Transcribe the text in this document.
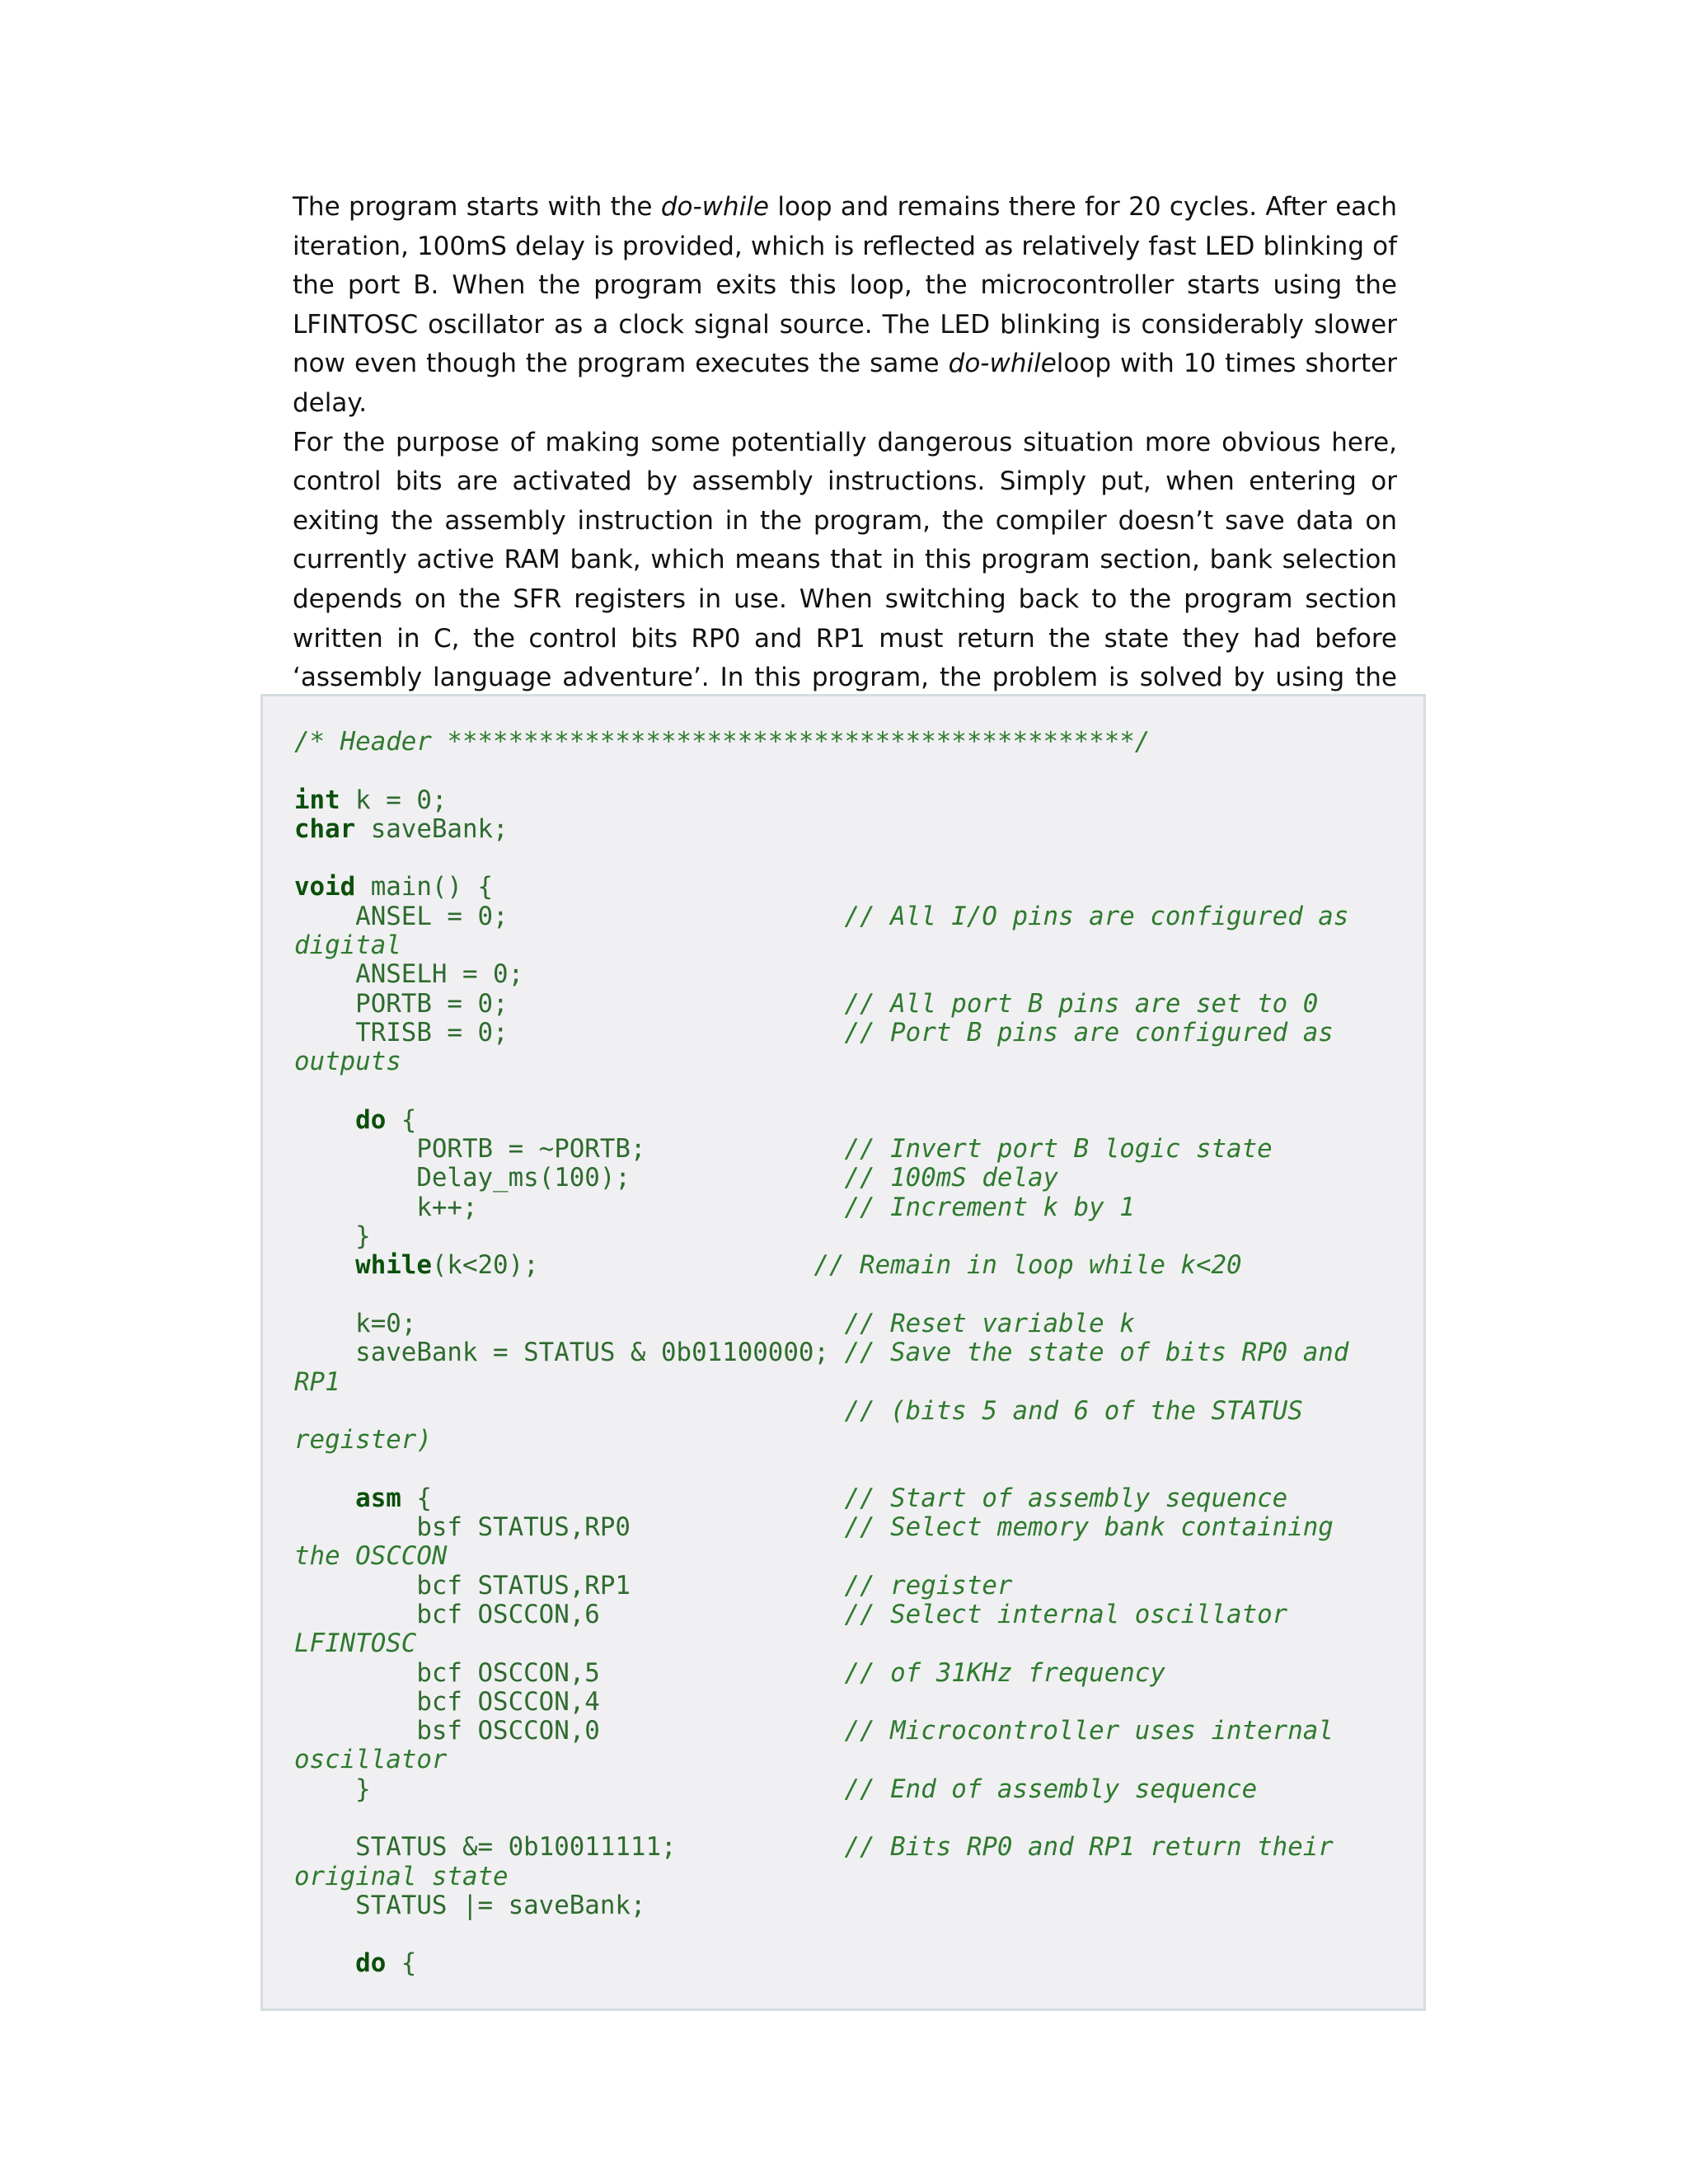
The program starts with the do-while loop and remains there for 20 cycles. After each iteration, 100mS delay is provided, which is reflected as relatively fast LED blinking of the port B. When the program exits this loop, the microcontroller starts using the LFINTOSC oscillator as a clock signal source. The LED blinking is considerably slower now even though the program executes the same do-whileloop with 10 times shorter delay.

For the purpose of making some potentially dangerous situation more obvious here, control bits are activated by assembly instructions. Simply put, when entering or exiting the assembly instruction in the program, the compiler doesn’t save data on currently active RAM bank, which means that in this program section, bank selection depends on the SFR registers in use. When switching back to the program section written in C, the control bits RP0 and RP1 must return the state they had before ‘assembly language adventure’. In this program, the problem is solved by using the

/* Header *********************************************/

int k = 0;
char saveBank;

void main() {
ANSEL = 0;                      // All I/O pins are configured as
digital
ANSELH = 0;
PORTB = 0;                      // All port B pins are set to 0
TRISB = 0;                      // Port B pins are configured as
outputs

do {
PORTB = ~PORTB;             // Invert port B logic state
Delay_ms(100);              // 100mS delay
k++;                        // Increment k by 1
}
while(k<20);                  // Remain in loop while k<20

k=0;                            // Reset variable k
saveBank = STATUS & 0b01100000; // Save the state of bits RP0 and
RP1
// (bits 5 and 6 of the STATUS
register)

asm {                           // Start of assembly sequence
bsf STATUS,RP0              // Select memory bank containing
the OSCCON
bcf STATUS,RP1              // register
bcf OSCCON,6                // Select internal oscillator
LFINTOSC
bcf OSCCON,5                // of 31KHz frequency
bcf OSCCON,4
bsf OSCCON,0                // Microcontroller uses internal
oscillator
}                               // End of assembly sequence

STATUS &= 0b10011111;           // Bits RP0 and RP1 return their
original state
STATUS |= saveBank;

do {
